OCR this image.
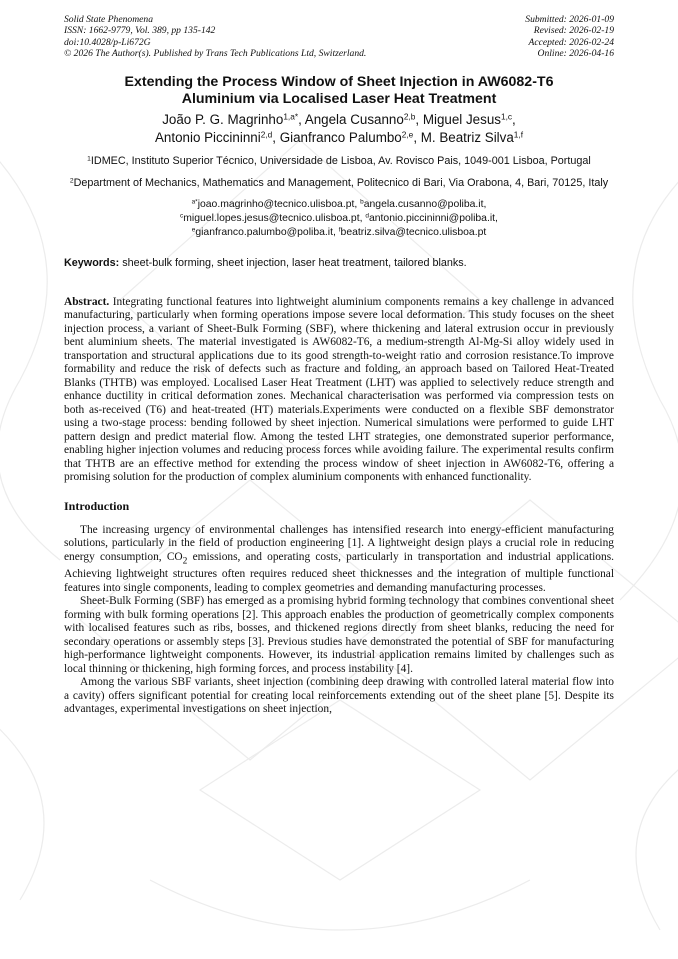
Solid State Phenomena
ISSN: 1662-9779, Vol. 389, pp 135-142
doi:10.4028/p-Li672G
© 2026 The Author(s). Published by Trans Tech Publications Ltd, Switzerland.
Submitted: 2026-01-09
Revised: 2026-02-19
Accepted: 2026-02-24
Online: 2026-04-16
Extending the Process Window of Sheet Injection in AW6082-T6
Aluminium via Localised Laser Heat Treatment
João P. G. Magrinho$^{1,a*}$, Angela Cusanno$^{2,b}$, Miguel Jesus$^{1,c}$,
Antonio Piccininni$^{2,d}$, Gianfranco Palumbo$^{2,e}$, M. Beatriz Silva$^{1,f}$
$^1$IDMEC, Instituto Superior Técnico, Universidade de Lisboa, Av. Rovisco Pais, 1049-001 Lisboa, Portugal
$^2$Department of Mechanics, Mathematics and Management, Politecnico di Bari, Via Orabona, 4, Bari, 70125, Italy
$^{a*}$joao.magrinho@tecnico.ulisboa.pt, $^b$angela.cusanno@poliba.it,
$^c$miguel.lopes.jesus@tecnico.ulisboa.pt, $^d$antonio.piccininni@poliba.it,
$^e$gianfranco.palumbo@poliba.it, $^f$beatriz.silva@tecnico.ulisboa.pt
Keywords: sheet-bulk forming, sheet injection, laser heat treatment, tailored blanks.

Abstract. Integrating functional features into lightweight aluminium components remains a key challenge in advanced manufacturing, particularly when forming operations impose severe local deformation. This study focuses on the sheet injection process, a variant of Sheet-Bulk Forming (SBF), where thickening and lateral extrusion occur in previously bent aluminium sheets. The material investigated is AW6082-T6, a medium-strength Al-Mg-Si alloy widely used in transportation and structural applications due to its good strength-to-weight ratio and corrosion resistance.To improve formability and reduce the risk of defects such as fracture and folding, an approach based on Tailored Heat-Treated Blanks (THTB) was employed. Localised Laser Heat Treatment (LHT) was applied to selectively reduce strength and enhance ductility in critical deformation zones. Mechanical characterisation was performed via compression tests on both as-received (T6) and heat-treated (HT) materials.Experiments were conducted on a flexible SBF demonstrator using a two-stage process: bending followed by sheet injection. Numerical simulations were performed to guide LHT pattern design and predict material flow. Among the tested LHT strategies, one demonstrated superior performance, enabling higher injection volumes and reducing process forces while avoiding failure. The experimental results confirm that THTB are an effective method for extending the process window of sheet injection in AW6082-T6, offering a promising solution for the production of complex aluminium components with enhanced functionality.

Introduction

The increasing urgency of environmental challenges has intensified research into energy-efficient manufacturing solutions, particularly in the field of production engineering [1]. A lightweight design plays a crucial role in reducing energy consumption, $CO_2$ emissions, and operating costs, particularly in transportation and industrial applications. Achieving lightweight structures often requires reduced sheet thicknesses and the integration of multiple functional features into single components, leading to complex geometries and demanding manufacturing processes.

Sheet-Bulk Forming (SBF) has emerged as a promising hybrid forming technology that combines conventional sheet forming with bulk forming operations [2]. This approach enables the production of geometrically complex components with localised features such as ribs, bosses, and thickened regions directly from sheet blanks, reducing the need for secondary operations or assembly steps [3]. Previous studies have demonstrated the potential of SBF for manufacturing high-performance lightweight components. However, its industrial application remains limited by challenges such as local thinning or thickening, high forming forces, and process instability [4].

Among the various SBF variants, sheet injection (combining deep drawing with controlled lateral material flow into a cavity) offers significant potential for creating local reinforcements extending out of the sheet plane [5]. Despite its advantages, experimental investigations on sheet injection,
